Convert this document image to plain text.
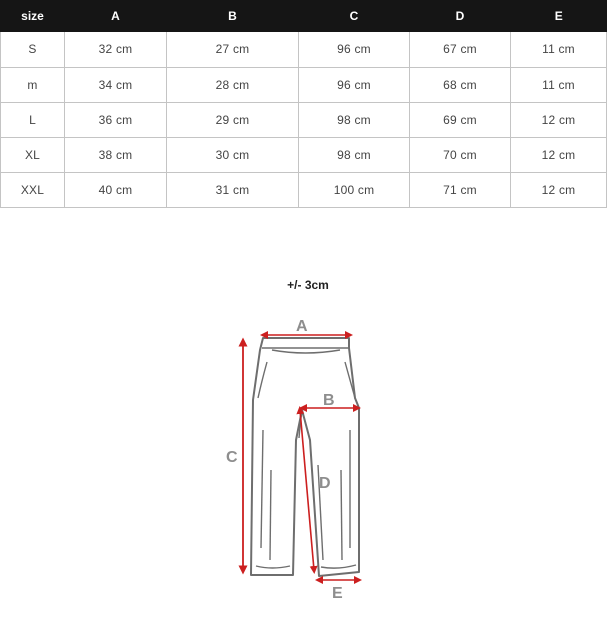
size	A	B	C	D	E
S	32 cm	27 cm	96 cm	67 cm	11 cm
m	34 cm	28 cm	96 cm	68 cm	11 cm
L	36 cm	29 cm	98 cm	69 cm	12 cm
XL	38 cm	30 cm	98 cm	70 cm	12 cm
XXL	40 cm	31 cm	100 cm	71 cm	12 cm
+/- 3cm
A
B
C
D
E
